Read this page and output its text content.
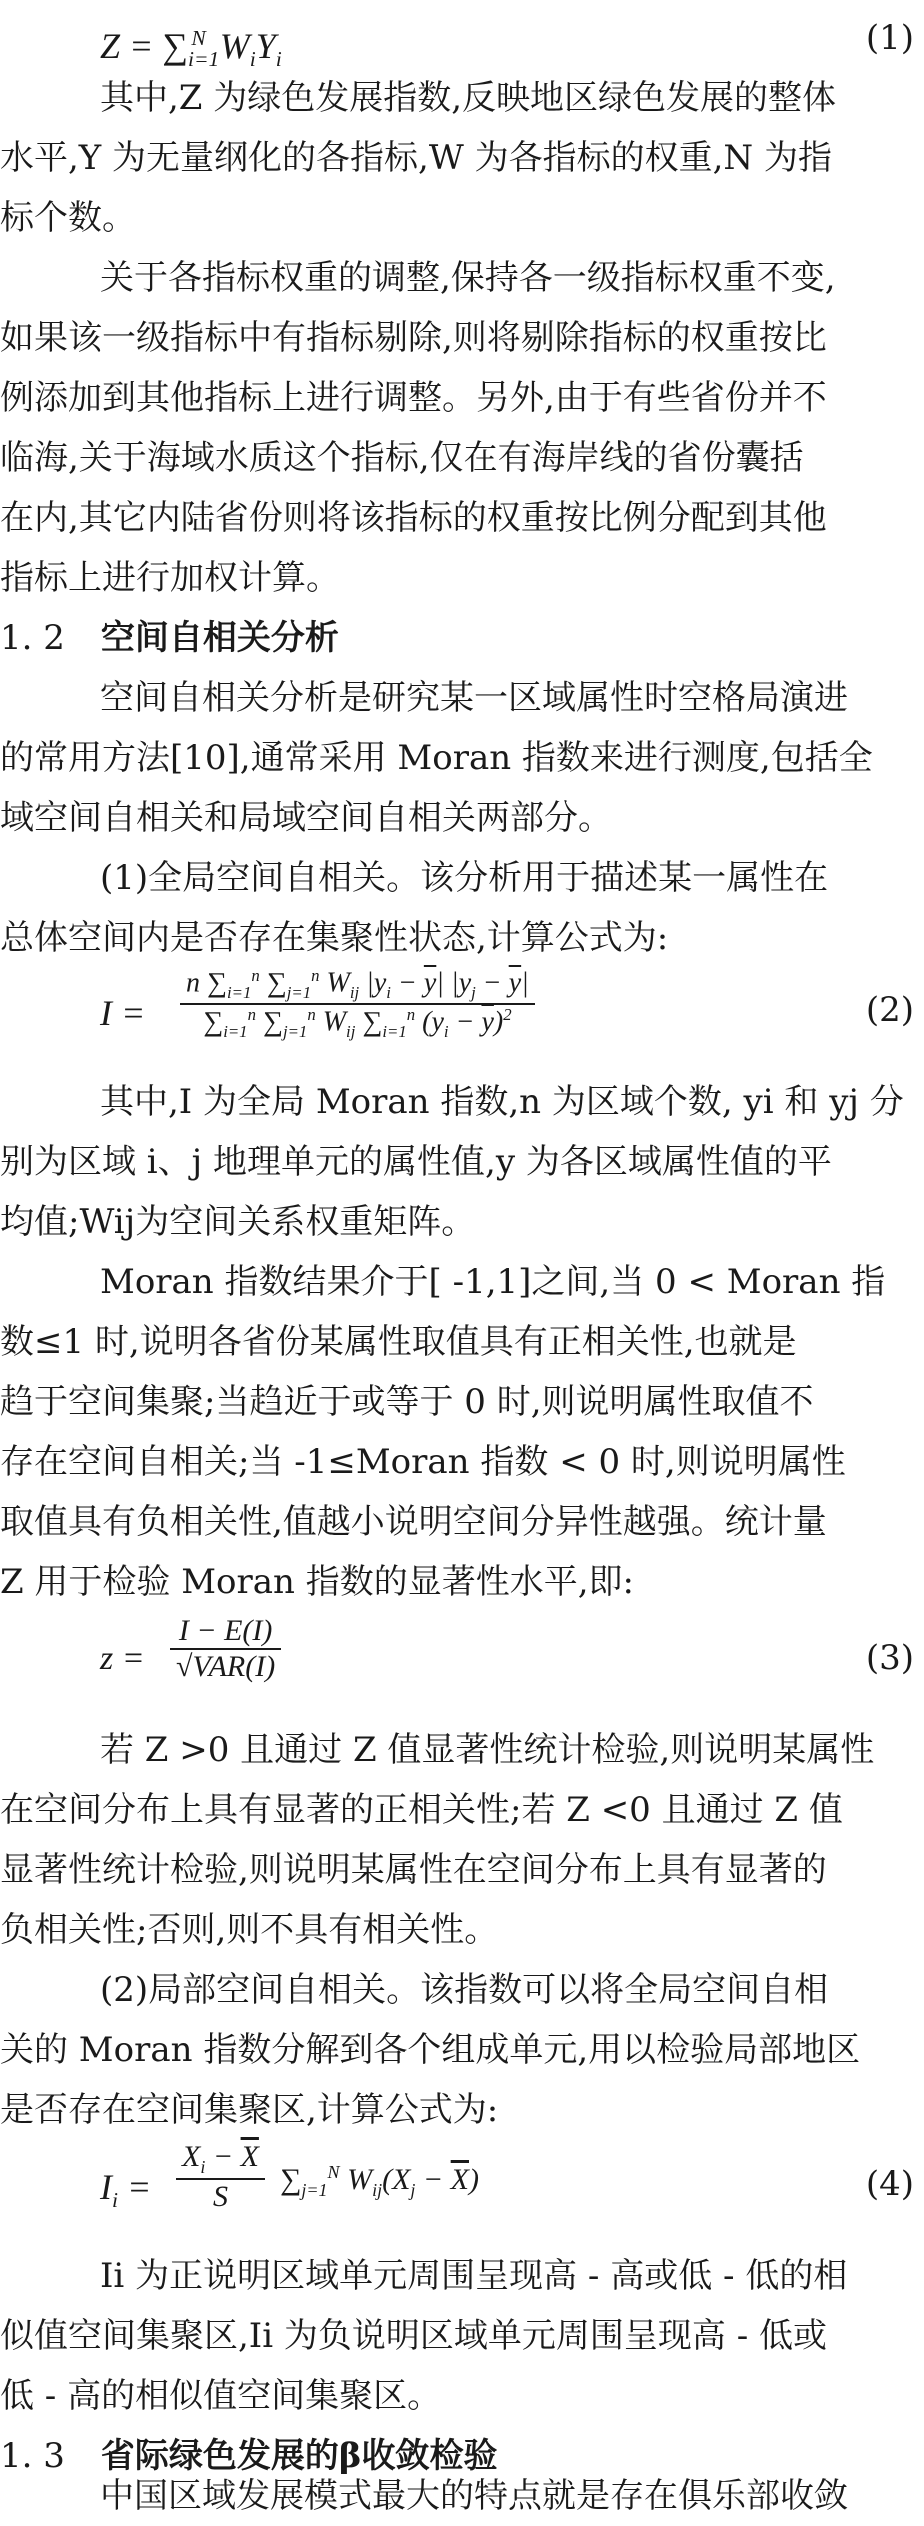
$Z = \sum_{i=1}^N$ $W_iY_i$
(1)
其中,Z 为绿色发展指数,反映地区绿色发展的整体
水平,Y 为无量纲化的各指标,W 为各指标的权重,N 为指
标个数。
关于各指标权重的调整,保持各一级指标权重不变,
如果该一级指标中有指标剔除,则将剔除指标的权重按比
例添加到其他指标上进行调整。另外,由于有些省份并不
临海,关于海域水质这个指标,仅在有海岸线的省份囊括
在内,其它内陆省份则将该指标的权重按比例分配到其他
指标上进行加权计算。
1. 2 空间自相关分析
空间自相关分析是研究某一区域属性时空格局演进
的常用方法[10],通常采用 Moran 指数来进行测度,包括全
域空间自相关和局域空间自相关两部分。
(1)全局空间自相关。该分析用于描述某一属性在
总体空间内是否存在集聚性状态,计算公式为:
I =
n $\sum_{i=1}^n$ $\sum_{j=1}^n$ $W_{ij}$ $|y_i - \overline{y}|$ $|y_j - \overline{y}|$
$\sum_{i=1}^n$ $\sum_{j=1}^n$ $W_{ij}$ $\sum_{i=1}^n$ $(y_i - \overline{y})^2$	(2)
其中,I 为全局 Moran 指数,n 为区域个数, yi 和 yj 分
别为区域 i、j 地理单元的属性值,y 为各区域属性值的平
均值;Wij为空间关系权重矩阵。
Moran 指数结果介于[ -1,1]之间,当 0 < Moran 指
数≤1 时,说明各省份某属性取值具有正相关性,也就是
趋于空间集聚;当趋近于或等于 0 时,则说明属性取值不
存在空间自相关;当 -1≤Moran 指数 < 0 时,则说明属性
取值具有负相关性,值越小说明空间分异性越强。统计量
Z 用于检验 Moran 指数的显著性水平,即:
z =
I − E(I)
√VAR(I)	(3)
若 Z >0 且通过 Z 值显著性统计检验,则说明某属性
在空间分布上具有显著的正相关性;若 Z <0 且通过 Z 值
显著性统计检验,则说明某属性在空间分布上具有显著的
负相关性;否则,则不具有相关性。
(2)局部空间自相关。该指数可以将全局空间自相
关的 Moran 指数分解到各个组成单元,用以检验局部地区
是否存在空间集聚区,计算公式为:
$I_i = \frac{X_i - \overline{X}}{S} \sum_{j=1}^N$ $W_{ij}(X_j - \overline{X})$	(4)
Ii 为正说明区域单元周围呈现高 - 高或低 - 低的相
似值空间集聚区,Ii 为负说明区域单元周围呈现高 - 低或
低 - 高的相似值空间集聚区。
1. 3 省际绿色发展的β收敛检验
中国区域发展模式最大的特点就是存在俱乐部收敛
